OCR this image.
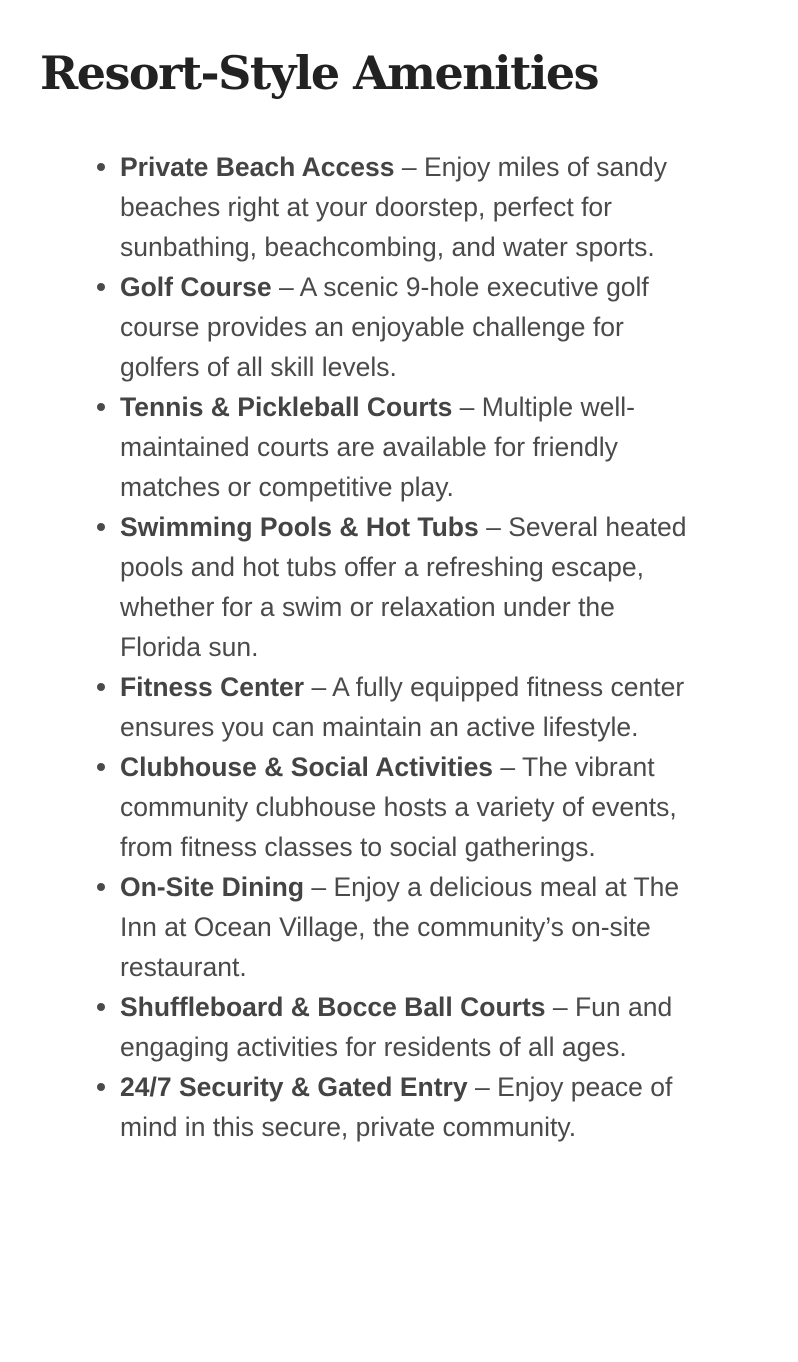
Resort-Style Amenities
Private Beach Access – Enjoy miles of sandy beaches right at your doorstep, perfect for sunbathing, beachcombing, and water sports.
Golf Course – A scenic 9-hole executive golf course provides an enjoyable challenge for golfers of all skill levels.
Tennis & Pickleball Courts – Multiple well-maintained courts are available for friendly matches or competitive play.
Swimming Pools & Hot Tubs – Several heated pools and hot tubs offer a refreshing escape, whether for a swim or relaxation under the Florida sun.
Fitness Center – A fully equipped fitness center ensures you can maintain an active lifestyle.
Clubhouse & Social Activities – The vibrant community clubhouse hosts a variety of events, from fitness classes to social gatherings.
On-Site Dining – Enjoy a delicious meal at The Inn at Ocean Village, the community’s on-site restaurant.
Shuffleboard & Bocce Ball Courts – Fun and engaging activities for residents of all ages.
24/7 Security & Gated Entry – Enjoy peace of mind in this secure, private community.
